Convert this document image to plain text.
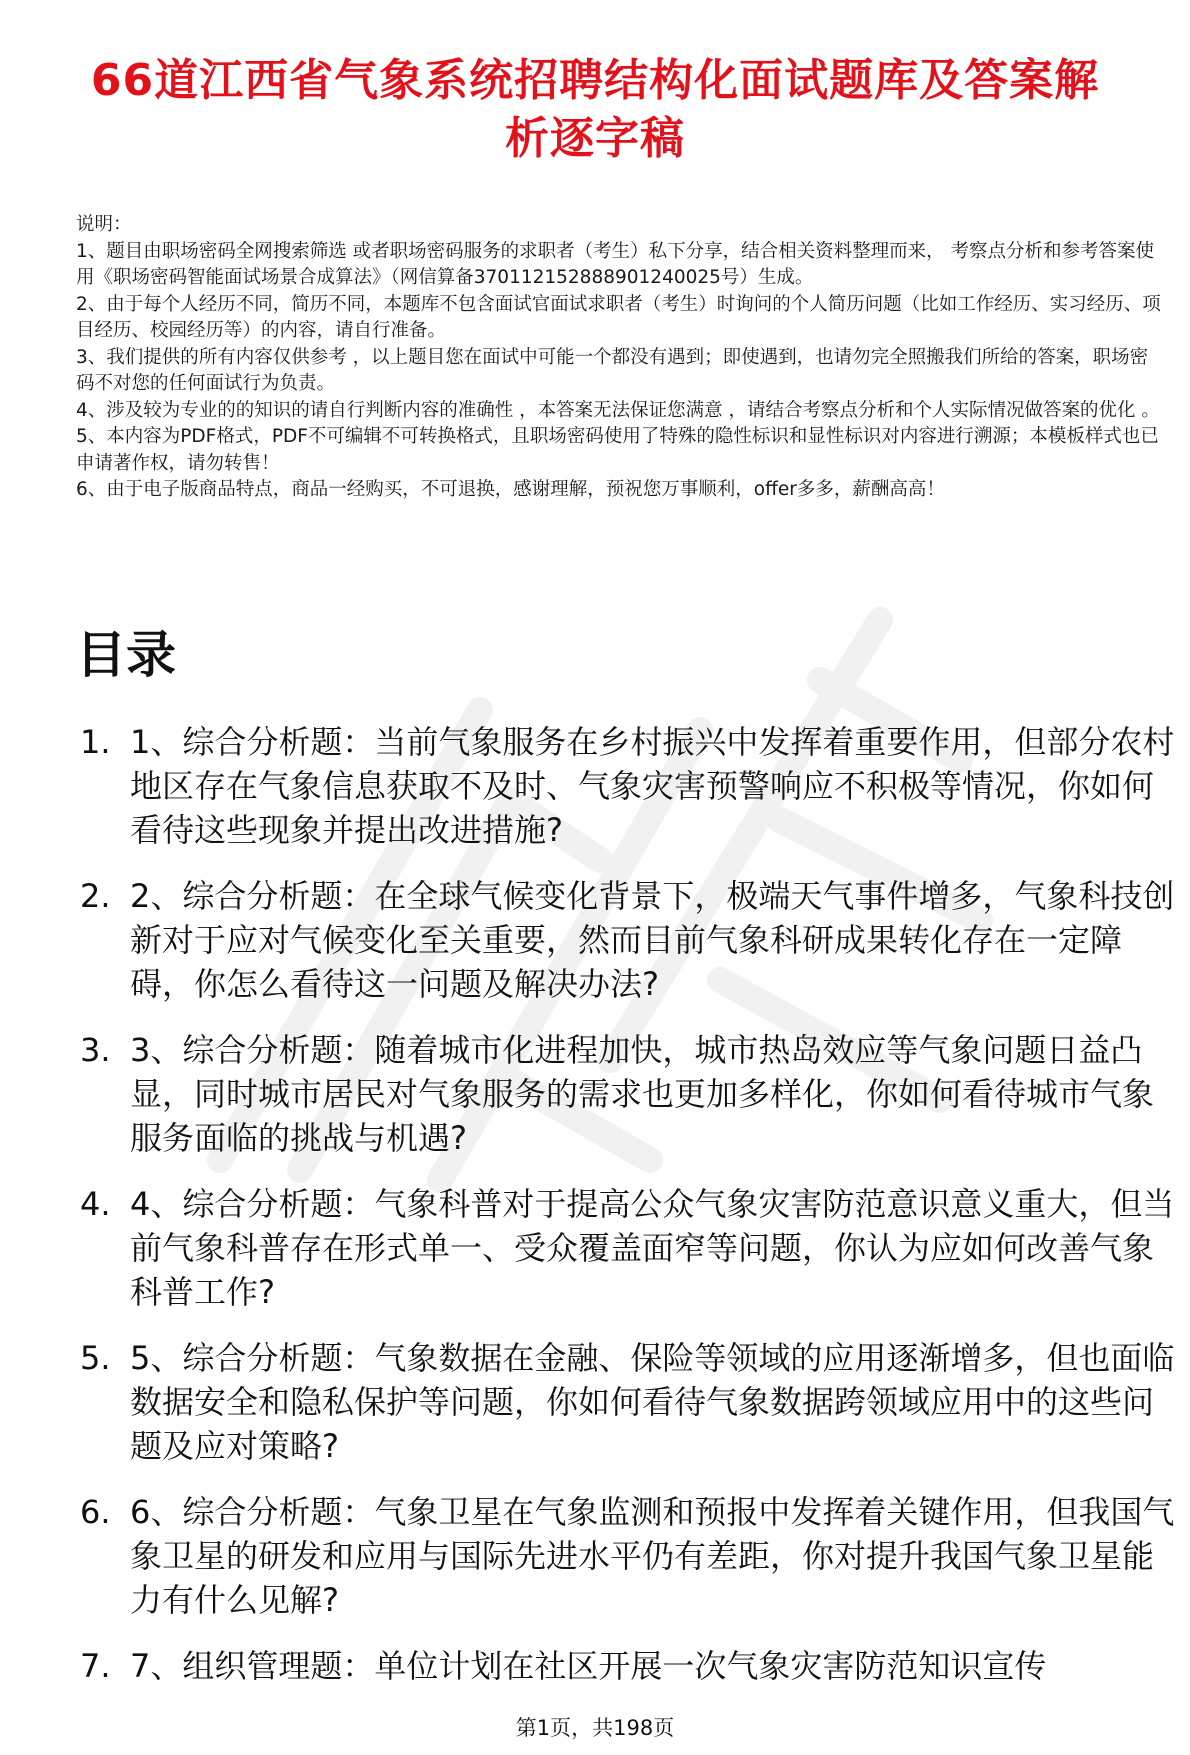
66道江西省气象系统招聘结构化面试题库及答案解析逐字稿

说明：

1、题目由职场密码全网搜索筛选 或者职场密码服务的求职者（考生）私下分享，结合相关资料整理而来， 考察点分析和参考答案使用《职场密码智能面试场景合成算法》（网信算备370112152888901240025号）生成。

2、由于每个人经历不同，简历不同，本题库不包含面试官面试求职者（考生）时询问的个人简历问题（比如工作经历、实习经历、项目经历、校园经历等）的内容，请自行准备。

3、我们提供的所有内容仅供参考 ，以上题目您在面试中可能一个都没有遇到；即使遇到，也请勿完全照搬我们所给的答案，职场密码不对您的任何面试行为负责。

4、涉及较为专业的的知识的请自行判断内容的准确性 ，本答案无法保证您满意 ，请结合考察点分析和个人实际情况做答案的优化 。

5、本内容为PDF格式，PDF不可编辑不可转换格式，且职场密码使用了特殊的隐性标识和显性标识对内容进行溯源；本模板样式也已申请著作权，请勿转售！

6、由于电子版商品特点，商品一经购买，不可退换，感谢理解，预祝您万事顺利，offer多多，薪酬高高！

目录
1. 1、综合分析题：当前气象服务在乡村振兴中发挥着重要作用，但部分农村地区存在气象信息获取不及时、气象灾害预警响应不积极等情况，你如何看待这些现象并提出改进措施?
2. 2、综合分析题：在全球气候变化背景下，极端天气事件增多，气象科技创新对于应对气候变化至关重要，然而目前气象科研成果转化存在一定障碍，你怎么看待这一问题及解决办法?
3. 3、综合分析题：随着城市化进程加快，城市热岛效应等气象问题日益凸显，同时城市居民对气象服务的需求也更加多样化，你如何看待城市气象服务面临的挑战与机遇?
4. 4、综合分析题：气象科普对于提高公众气象灾害防范意识意义重大，但当前气象科普存在形式单一、受众覆盖面窄等问题，你认为应如何改善气象科普工作?
5. 5、综合分析题：气象数据在金融、保险等领域的应用逐渐增多，但也面临数据安全和隐私保护等问题，你如何看待气象数据跨领域应用中的这些问题及应对策略?
6. 6、综合分析题：气象卫星在气象监测和预报中发挥着关键作用，但我国气象卫星的研发和应用与国际先进水平仍有差距，你对提升我国气象卫星能力有什么见解?
7. 7、组织管理题：单位计划在社区开展一次气象灾害防范知识宣传
第1页，共198页
